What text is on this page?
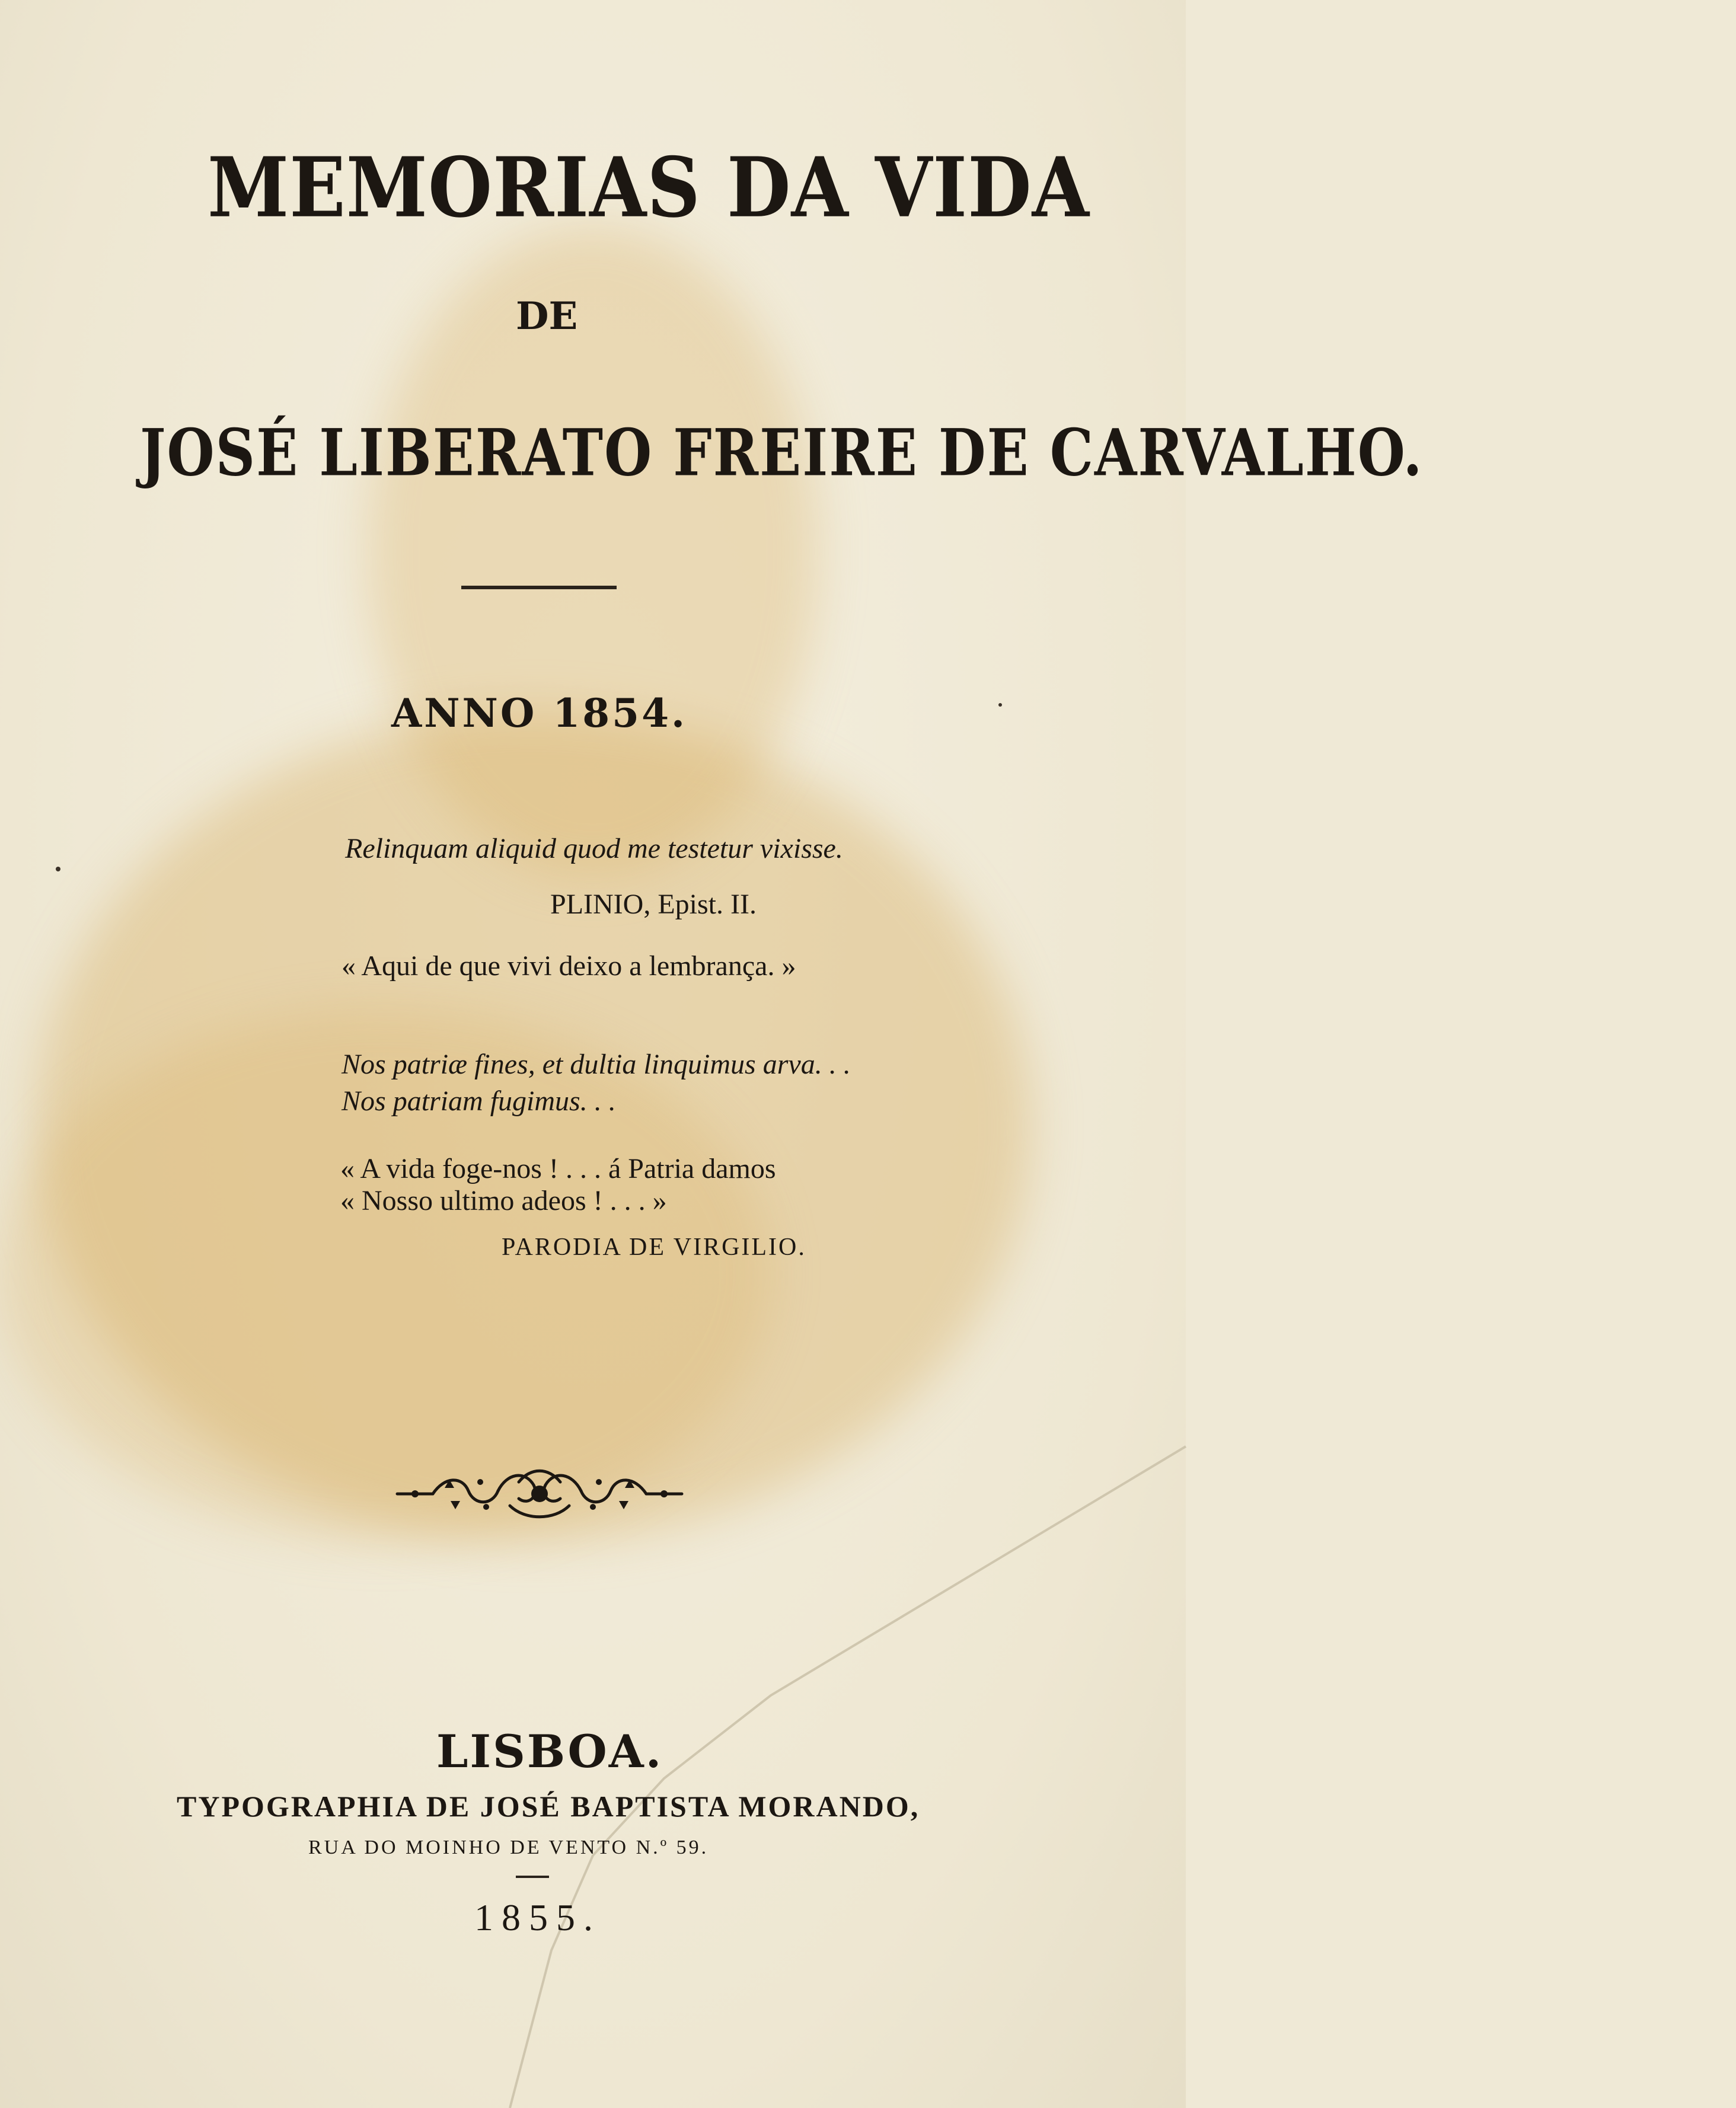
MEMORIAS DA VIDA
DE
JOSÉ LIBERATO FREIRE DE CARVALHO.
ANNO 1854.
Relinquam aliquid quod me testetur vixisse.
PLINIO, Epist. II.
« Aqui de que vivi deixo a lembrança. »
Nos patriæ fines, et dultia linquimus arva. . .
Nos patriam fugimus. . .
« A vida foge-nos ! . . . á Patria damos
« Nosso ultimo adeos ! . . . »
PARODIA DE VIRGILIO.
LISBOA.
TYPOGRAPHIA DE JOSÉ BAPTISTA MORANDO,
RUA DO MOINHO DE VENTO N.º 59.
1855.
